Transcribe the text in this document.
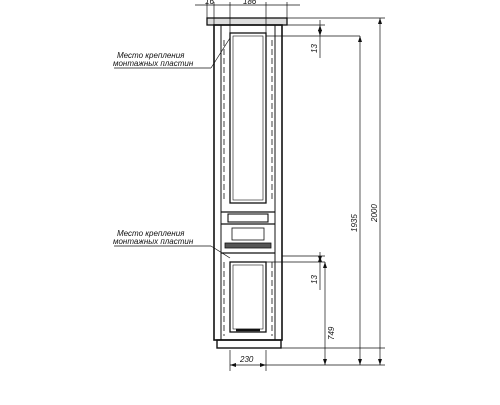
16	186
Место крепления
монтажных пластин
Место крепления
монтажных пластин
13
13
749
1935
2000
230
